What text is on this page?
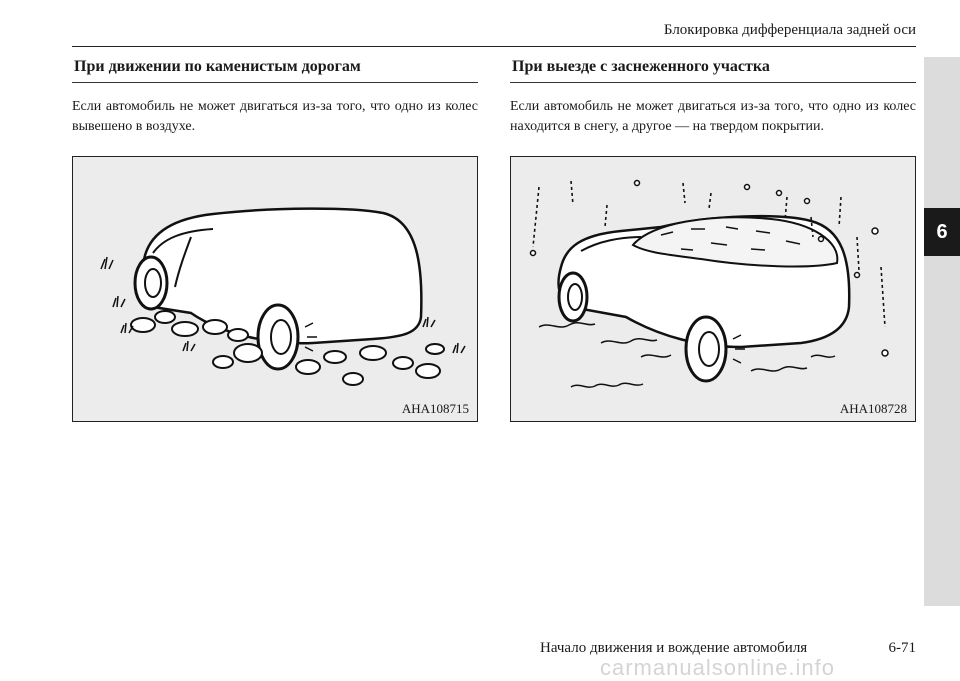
Блокировка дифференциала задней оси
6
При движении по каменистым дорогам

Если автомобиль не может двигаться из-за того, что одно из колес вывешено в воздухе.

AHA108715
При выезде с заснеженного участка

Если автомобиль не может двигаться из-за того, что одно из колес находится в снегу, а другое — на твердом покрытии.

AHA108728
Начало движения и вождение автомобиля	6-71
carmanualsonline.info
